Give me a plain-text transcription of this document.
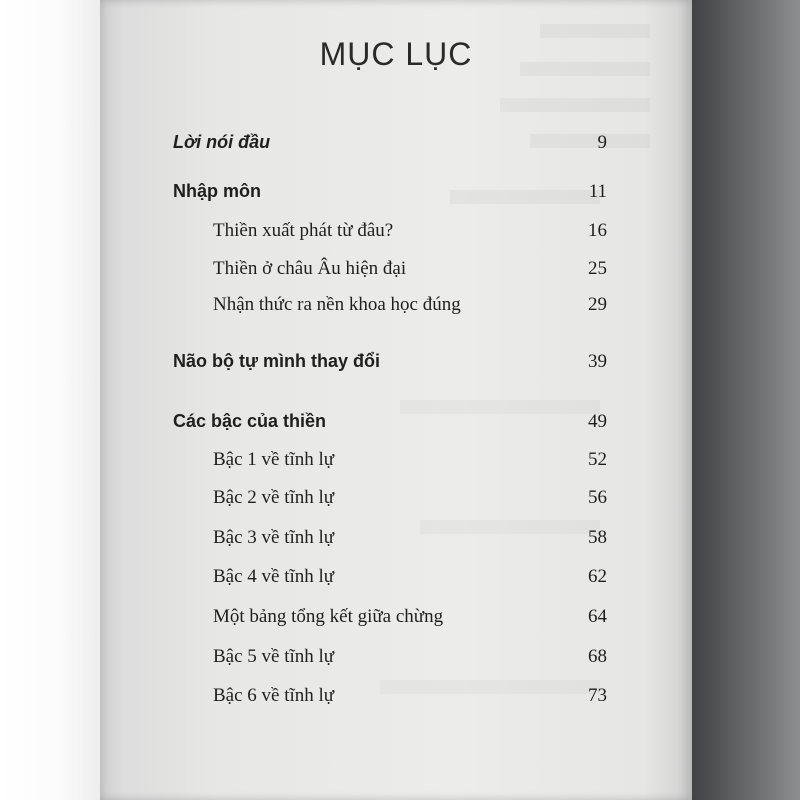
MỤC LỤC
Lời nói đầu	9
Nhập môn	11
Thiền xuất phát từ đâu?	16
Thiền ở châu Âu hiện đại	25
Nhận thức ra nền khoa học đúng	29
Não bộ tự mình thay đổi	39
Các bậc của thiền	49
Bậc 1 về tĩnh lự	52
Bậc 2 về tĩnh lự	56
Bậc 3 về tĩnh lự	58
Bậc 4 về tĩnh lự	62
Một bảng tổng kết giữa chừng	64
Bậc 5 về tĩnh lự	68
Bậc 6 về tĩnh lự	73
